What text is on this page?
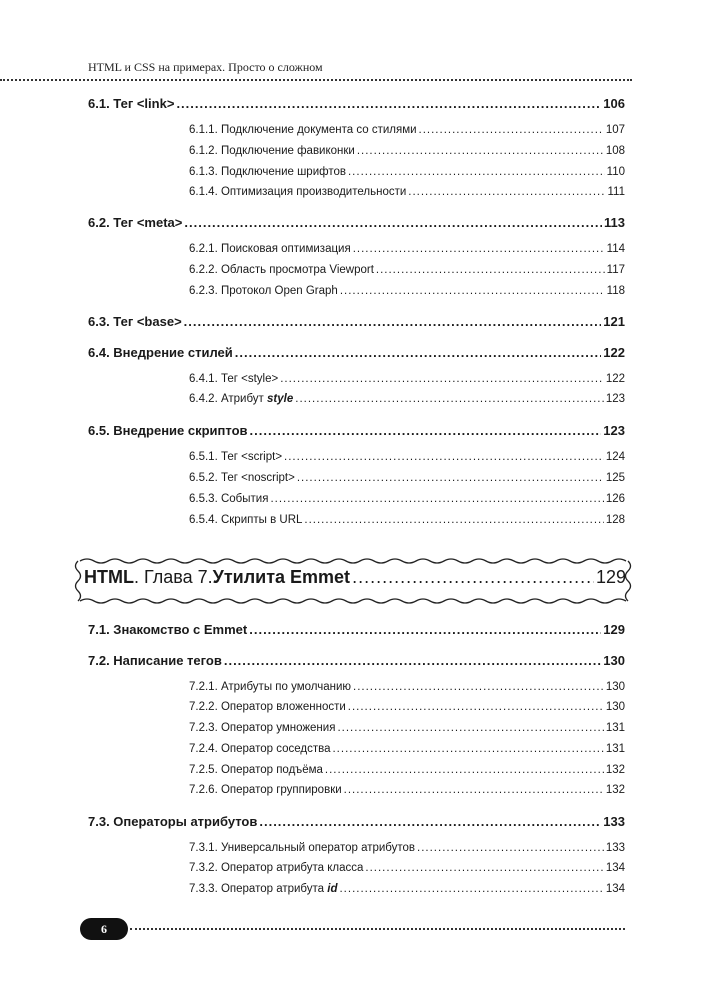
HTML и CSS на примерах. Просто о сложном
6.1. Тег <link> .....	106
6.1.1. Подключение документа со стилями .....	107
6.1.2. Подключение фавиконки .....	108
6.1.3. Подключение шрифтов .....	110
6.1.4. Оптимизация производительности .....	111
6.2. Тег <meta> .....	113
6.2.1. Поисковая оптимизация .....	114
6.2.2. Область просмотра Viewport .....	117
6.2.3. Протокол Open Graph .....	118
6.3. Тег <base> .....	121
6.4. Внедрение стилей .....	122
6.4.1. Тег <style> .....	122
6.4.2. Атрибут style .....	123
6.5. Внедрение скриптов .....	123
6.5.1. Тег <script> .....	124
6.5.2. Тег <noscript> .....	125
6.5.3. События .....	126
6.5.4. Скрипты в URL .....	128
HTML . Глава 7. Утилита Emmet .....	129
7.1. Знакомство с Emmet .....	129
7.2. Написание тегов .....	130
7.2.1. Атрибуты по умолчанию .....	130
7.2.2. Оператор вложенности .....	130
7.2.3. Оператор умножения .....	131
7.2.4. Оператор соседства .....	131
7.2.5. Оператор подъёма .....	132
7.2.6. Оператор группировки .....	132
7.3. Операторы атрибутов .....	133
7.3.1. Универсальный оператор атрибутов .....	133
7.3.2. Оператор атрибута класса .....	134
7.3.3. Оператор атрибута id .....	134
6
